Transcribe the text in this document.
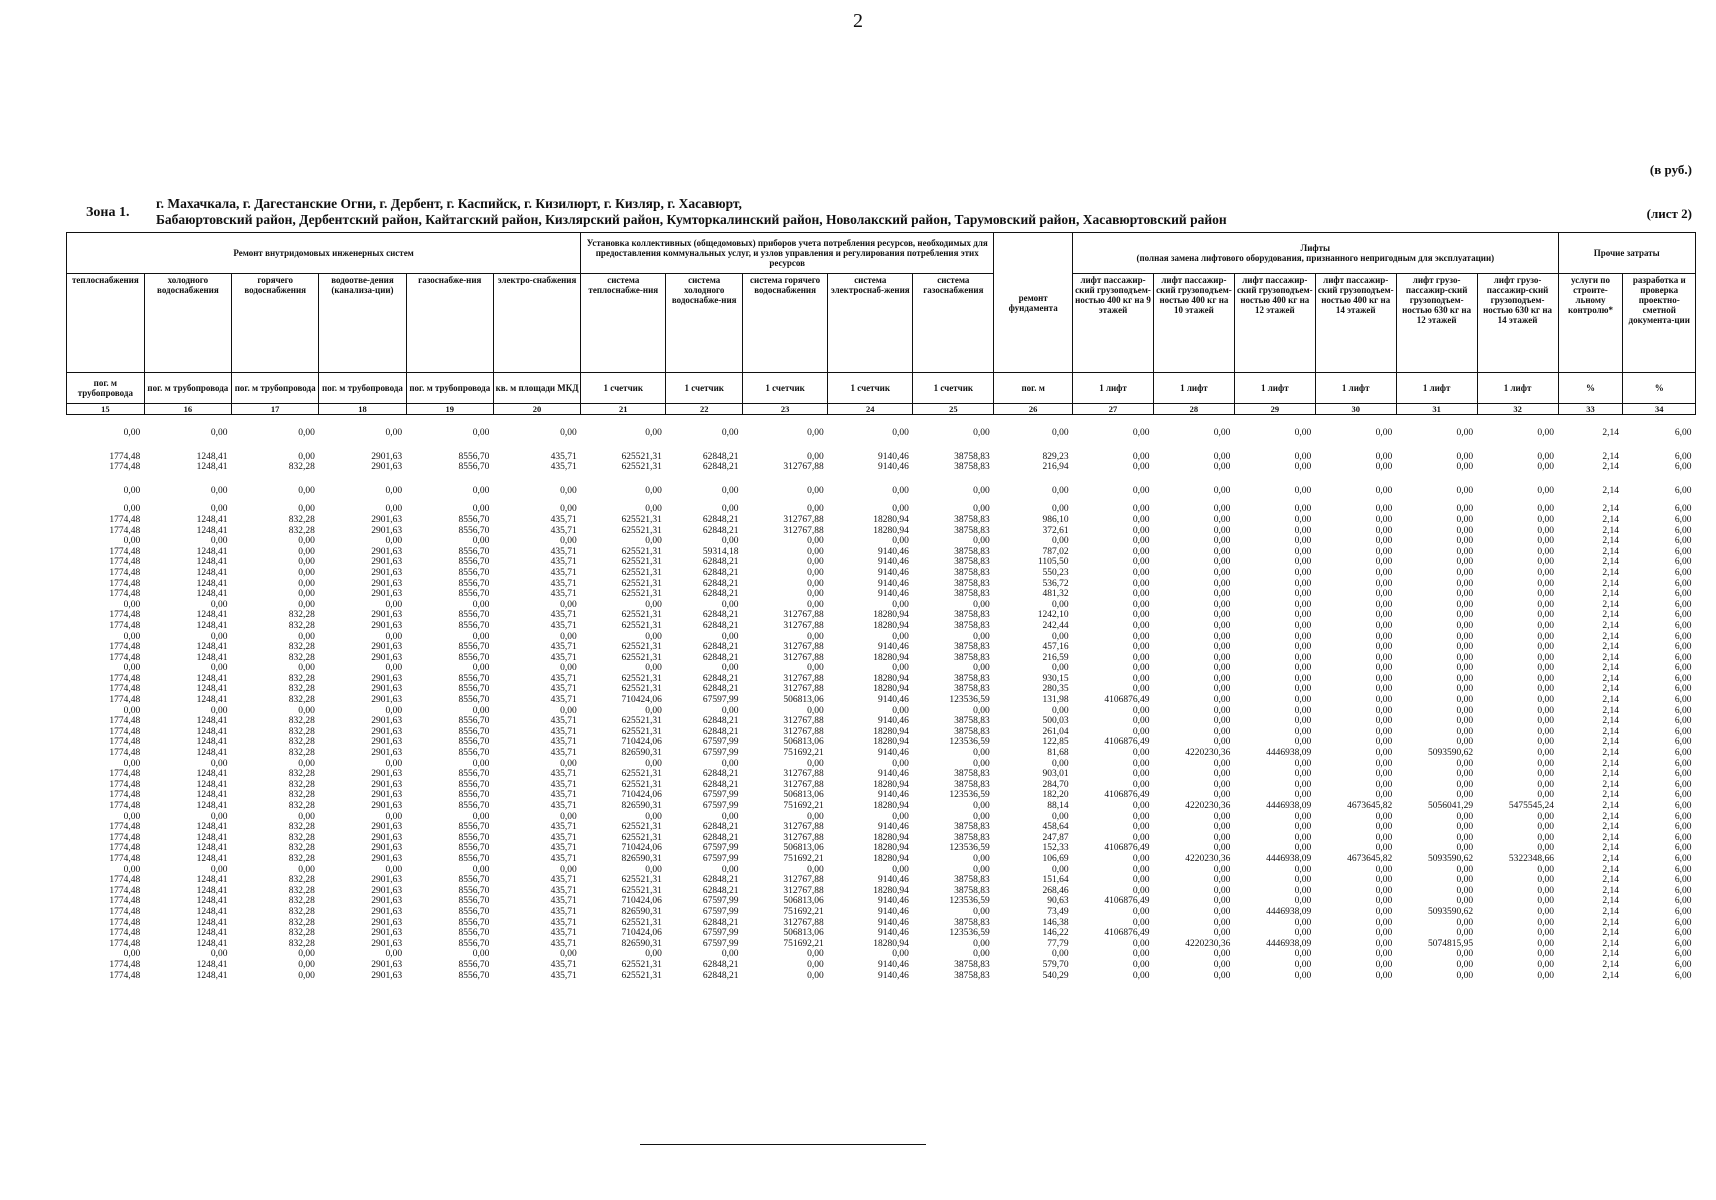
2
(в руб.)
Зона 1.
г. Махачкала, г. Дагестанские Огни, г. Дербент, г. Каспийск, г. Кизилюрт, г. Кизляр, г. Хасавюрт,
Бабаюртовский район, Дербентский район, Кайтагский район, Кизлярский район, Кумторкалинский район, Новолакский район, Тарумовский район, Хасавюртовский район	(лист 2)
Ремонт внутридомовых инженерных систем						Установка коллективных (общедомовых) приборов учета потребления ресурсов, необходимых для предоставления коммунальных услуг, и узлов управления и регулирования потребления этих ресурсов					ремонт фундамента	Лифты
(полная замена лифтового оборудования, признанного непригодным для эксплуатации)						Прочие затраты	
теплоснабжения	холодного водоснабжения	горячего водоснабжения	водоотве-дения (канализа-ции)	газоснабже-ния	электро-снабжения	система теплоснабже-ния	система холодного водоснабже-ния	система горячего водоснабжения	система электроснаб-жения	система газоснабжения		лифт пассажир-ский грузоподъем-ностью 400 кг на 9 этажей	лифт пассажир-ский грузоподъем-ностью 400 кг на 10 этажей	лифт пассажир-ский грузоподъем-ностью 400 кг на 12 этажей	лифт пассажир-ский грузоподъем-ностью 400 кг на 14 этажей	лифт грузо-пассажир-ский грузоподъем-ностью 630 кг на 12 этажей	лифт грузо-пассажир-ский грузоподъем-ностью 630 кг на 14 этажей	услуги по строите-льному контролю*	разработка и проверка проектно-сметной документа-ции
пог. м трубопровода	пог. м трубопровода	пог. м трубопровода	пог. м трубопровода	пог. м трубопровода	кв. м площади МКД	1 счетчик	1 счетчик	1 счетчик	1 счетчик	1 счетчик	пог. м	1 лифт	1 лифт	1 лифт	1 лифт	1 лифт	1 лифт	%	%
15	16	17	18	19	20	21	22	23	24	25	26	27	28	29	30	31	32	33	34
0,00	0,00	0,00	0,00	0,00	0,00	0,00	0,00	0,00	0,00	0,00	0,00	0,00	0,00	0,00	0,00	0,00	0,00	2,14	6,00
1774,48	1248,41	0,00	2901,63	8556,70	435,71	625521,31	62848,21	0,00	9140,46	38758,83	829,23	0,00	0,00	0,00	0,00	0,00	0,00	2,14	6,00
1774,48	1248,41	832,28	2901,63	8556,70	435,71	625521,31	62848,21	312767,88	9140,46	38758,83	216,94	0,00	0,00	0,00	0,00	0,00	0,00	2,14	6,00
0,00	0,00	0,00	0,00	0,00	0,00	0,00	0,00	0,00	0,00	0,00	0,00	0,00	0,00	0,00	0,00	0,00	0,00	2,14	6,00
0,00	0,00	0,00	0,00	0,00	0,00	0,00	0,00	0,00	0,00	0,00	0,00	0,00	0,00	0,00	0,00	0,00	0,00	2,14	6,00
1774,48	1248,41	832,28	2901,63	8556,70	435,71	625521,31	62848,21	312767,88	18280,94	38758,83	986,10	0,00	0,00	0,00	0,00	0,00	0,00	2,14	6,00
1774,48	1248,41	832,28	2901,63	8556,70	435,71	625521,31	62848,21	312767,88	18280,94	38758,83	372,61	0,00	0,00	0,00	0,00	0,00	0,00	2,14	6,00
0,00	0,00	0,00	0,00	0,00	0,00	0,00	0,00	0,00	0,00	0,00	0,00	0,00	0,00	0,00	0,00	0,00	0,00	2,14	6,00
1774,48	1248,41	0,00	2901,63	8556,70	435,71	625521,31	59314,18	0,00	9140,46	38758,83	787,02	0,00	0,00	0,00	0,00	0,00	0,00	2,14	6,00
1774,48	1248,41	0,00	2901,63	8556,70	435,71	625521,31	62848,21	0,00	9140,46	38758,83	1105,50	0,00	0,00	0,00	0,00	0,00	0,00	2,14	6,00
1774,48	1248,41	0,00	2901,63	8556,70	435,71	625521,31	62848,21	0,00	9140,46	38758,83	550,23	0,00	0,00	0,00	0,00	0,00	0,00	2,14	6,00
1774,48	1248,41	0,00	2901,63	8556,70	435,71	625521,31	62848,21	0,00	9140,46	38758,83	536,72	0,00	0,00	0,00	0,00	0,00	0,00	2,14	6,00
1774,48	1248,41	0,00	2901,63	8556,70	435,71	625521,31	62848,21	0,00	9140,46	38758,83	481,32	0,00	0,00	0,00	0,00	0,00	0,00	2,14	6,00
0,00	0,00	0,00	0,00	0,00	0,00	0,00	0,00	0,00	0,00	0,00	0,00	0,00	0,00	0,00	0,00	0,00	0,00	2,14	6,00
1774,48	1248,41	832,28	2901,63	8556,70	435,71	625521,31	62848,21	312767,88	18280,94	38758,83	1242,10	0,00	0,00	0,00	0,00	0,00	0,00	2,14	6,00
1774,48	1248,41	832,28	2901,63	8556,70	435,71	625521,31	62848,21	312767,88	18280,94	38758,83	242,44	0,00	0,00	0,00	0,00	0,00	0,00	2,14	6,00
0,00	0,00	0,00	0,00	0,00	0,00	0,00	0,00	0,00	0,00	0,00	0,00	0,00	0,00	0,00	0,00	0,00	0,00	2,14	6,00
1774,48	1248,41	832,28	2901,63	8556,70	435,71	625521,31	62848,21	312767,88	9140,46	38758,83	457,16	0,00	0,00	0,00	0,00	0,00	0,00	2,14	6,00
1774,48	1248,41	832,28	2901,63	8556,70	435,71	625521,31	62848,21	312767,88	18280,94	38758,83	216,59	0,00	0,00	0,00	0,00	0,00	0,00	2,14	6,00
0,00	0,00	0,00	0,00	0,00	0,00	0,00	0,00	0,00	0,00	0,00	0,00	0,00	0,00	0,00	0,00	0,00	0,00	2,14	6,00
1774,48	1248,41	832,28	2901,63	8556,70	435,71	625521,31	62848,21	312767,88	18280,94	38758,83	930,15	0,00	0,00	0,00	0,00	0,00	0,00	2,14	6,00
1774,48	1248,41	832,28	2901,63	8556,70	435,71	625521,31	62848,21	312767,88	18280,94	38758,83	280,35	0,00	0,00	0,00	0,00	0,00	0,00	2,14	6,00
1774,48	1248,41	832,28	2901,63	8556,70	435,71	710424,06	67597,99	506813,06	9140,46	123536,59	131,98	4106876,49	0,00	0,00	0,00	0,00	0,00	2,14	6,00
0,00	0,00	0,00	0,00	0,00	0,00	0,00	0,00	0,00	0,00	0,00	0,00	0,00	0,00	0,00	0,00	0,00	0,00	2,14	6,00
1774,48	1248,41	832,28	2901,63	8556,70	435,71	625521,31	62848,21	312767,88	9140,46	38758,83	500,03	0,00	0,00	0,00	0,00	0,00	0,00	2,14	6,00
1774,48	1248,41	832,28	2901,63	8556,70	435,71	625521,31	62848,21	312767,88	18280,94	38758,83	261,04	0,00	0,00	0,00	0,00	0,00	0,00	2,14	6,00
1774,48	1248,41	832,28	2901,63	8556,70	435,71	710424,06	67597,99	506813,06	18280,94	123536,59	122,85	4106876,49	0,00	0,00	0,00	0,00	0,00	2,14	6,00
1774,48	1248,41	832,28	2901,63	8556,70	435,71	826590,31	67597,99	751692,21	9140,46	0,00	81,68	0,00	4220230,36	4446938,09	0,00	5093590,62	0,00	2,14	6,00
0,00	0,00	0,00	0,00	0,00	0,00	0,00	0,00	0,00	0,00	0,00	0,00	0,00	0,00	0,00	0,00	0,00	0,00	2,14	6,00
1774,48	1248,41	832,28	2901,63	8556,70	435,71	625521,31	62848,21	312767,88	9140,46	38758,83	903,01	0,00	0,00	0,00	0,00	0,00	0,00	2,14	6,00
1774,48	1248,41	832,28	2901,63	8556,70	435,71	625521,31	62848,21	312767,88	18280,94	38758,83	284,70	0,00	0,00	0,00	0,00	0,00	0,00	2,14	6,00
1774,48	1248,41	832,28	2901,63	8556,70	435,71	710424,06	67597,99	506813,06	9140,46	123536,59	182,20	4106876,49	0,00	0,00	0,00	0,00	0,00	2,14	6,00
1774,48	1248,41	832,28	2901,63	8556,70	435,71	826590,31	67597,99	751692,21	18280,94	0,00	88,14	0,00	4220230,36	4446938,09	4673645,82	5056041,29	5475545,24	2,14	6,00
0,00	0,00	0,00	0,00	0,00	0,00	0,00	0,00	0,00	0,00	0,00	0,00	0,00	0,00	0,00	0,00	0,00	0,00	2,14	6,00
1774,48	1248,41	832,28	2901,63	8556,70	435,71	625521,31	62848,21	312767,88	9140,46	38758,83	458,64	0,00	0,00	0,00	0,00	0,00	0,00	2,14	6,00
1774,48	1248,41	832,28	2901,63	8556,70	435,71	625521,31	62848,21	312767,88	18280,94	38758,83	247,87	0,00	0,00	0,00	0,00	0,00	0,00	2,14	6,00
1774,48	1248,41	832,28	2901,63	8556,70	435,71	710424,06	67597,99	506813,06	18280,94	123536,59	152,33	4106876,49	0,00	0,00	0,00	0,00	0,00	2,14	6,00
1774,48	1248,41	832,28	2901,63	8556,70	435,71	826590,31	67597,99	751692,21	18280,94	0,00	106,69	0,00	4220230,36	4446938,09	4673645,82	5093590,62	5322348,66	2,14	6,00
0,00	0,00	0,00	0,00	0,00	0,00	0,00	0,00	0,00	0,00	0,00	0,00	0,00	0,00	0,00	0,00	0,00	0,00	2,14	6,00
1774,48	1248,41	832,28	2901,63	8556,70	435,71	625521,31	62848,21	312767,88	9140,46	38758,83	151,64	0,00	0,00	0,00	0,00	0,00	0,00	2,14	6,00
1774,48	1248,41	832,28	2901,63	8556,70	435,71	625521,31	62848,21	312767,88	18280,94	38758,83	268,46	0,00	0,00	0,00	0,00	0,00	0,00	2,14	6,00
1774,48	1248,41	832,28	2901,63	8556,70	435,71	710424,06	67597,99	506813,06	9140,46	123536,59	90,63	4106876,49	0,00	0,00	0,00	0,00	0,00	2,14	6,00
1774,48	1248,41	832,28	2901,63	8556,70	435,71	826590,31	67597,99	751692,21	9140,46	0,00	73,49	0,00	0,00	4446938,09	0,00	5093590,62	0,00	2,14	6,00
1774,48	1248,41	832,28	2901,63	8556,70	435,71	625521,31	62848,21	312767,88	9140,46	38758,83	146,38	0,00	0,00	0,00	0,00	0,00	0,00	2,14	6,00
1774,48	1248,41	832,28	2901,63	8556,70	435,71	710424,06	67597,99	506813,06	9140,46	123536,59	146,22	4106876,49	0,00	0,00	0,00	0,00	0,00	2,14	6,00
1774,48	1248,41	832,28	2901,63	8556,70	435,71	826590,31	67597,99	751692,21	18280,94	0,00	77,79	0,00	4220230,36	4446938,09	0,00	5074815,95	0,00	2,14	6,00
0,00	0,00	0,00	0,00	0,00	0,00	0,00	0,00	0,00	0,00	0,00	0,00	0,00	0,00	0,00	0,00	0,00	0,00	2,14	6,00
1774,48	1248,41	0,00	2901,63	8556,70	435,71	625521,31	62848,21	0,00	9140,46	38758,83	579,70	0,00	0,00	0,00	0,00	0,00	0,00	2,14	6,00
1774,48	1248,41	0,00	2901,63	8556,70	435,71	625521,31	62848,21	0,00	9140,46	38758,83	540,29	0,00	0,00	0,00	0,00	0,00	0,00	2,14	6,00
